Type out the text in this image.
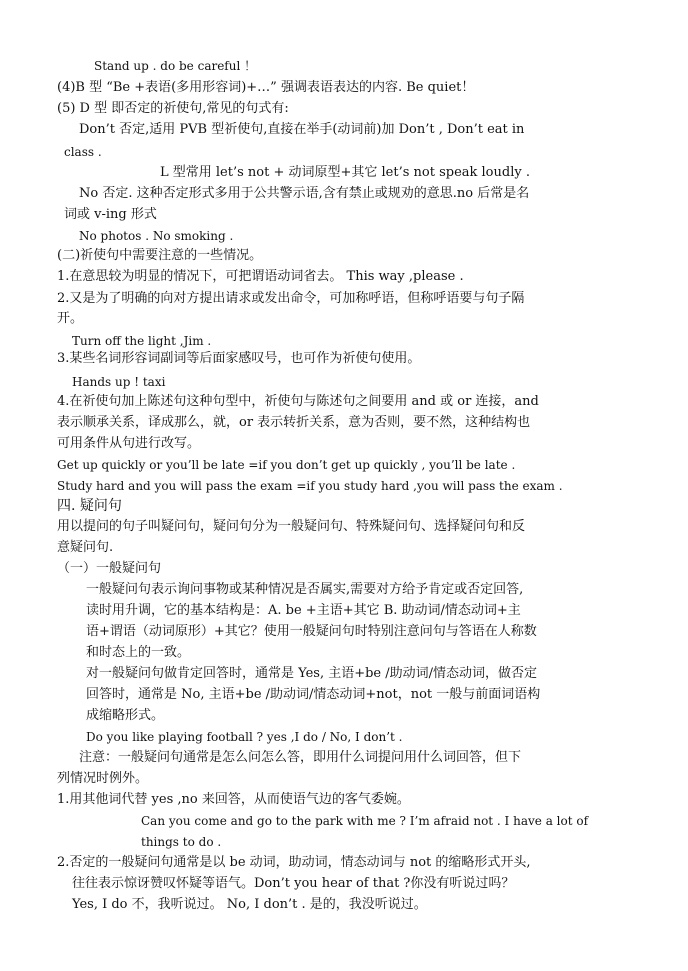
Stand up . do be careful ！
(4)B 型 “Be +表语(多用形容词)+…” 强调表语表达的内容. Be quiet！
(5) D 型 即否定的祈使句,常见的句式有:
Don’t 否定,适用 PVB 型祈使句,直接在举手(动词前)加 Don’t , Don’t eat in
class .
L 型常用 let’s not + 动词原型+其它 let’s not speak loudly .
No 否定. 这种否定形式多用于公共警示语,含有禁止或规劝的意思.no 后常是名
词或 v-ing 形式
No photos . No smoking .
(二)祈使句中需要注意的一些情况。
1.在意思较为明显的情况下，可把谓语动词省去。 This way ,please .
2.又是为了明确的向对方提出请求或发出命令，可加称呼语，但称呼语要与句子隔
开。
Turn off the light ,Jim .
3.某些名词形容词副词等后面家感叹号，也可作为祈使句使用。
Hands up ! taxi
4.在祈使句加上陈述句这种句型中，祈使句与陈述句之间要用 and 或 or 连接，and
表示顺承关系，译成那么，就，or 表示转折关系，意为否则，要不然，这种结构也
可用条件从句进行改写。
Get up quickly or you’ll be late =if you don’t get up quickly , you’ll be late .
Study hard and you will pass the exam =if you study hard ,you will pass the exam .
四. 疑问句
用以提问的句子叫疑问句，疑问句分为一般疑问句、特殊疑问句、选择疑问句和反
意疑问句.
（一）一般疑问句
一般疑问句表示询问事物或某种情况是否属实,需要对方给予肯定或否定回答,
读时用升调，它的基本结构是：A. be +主语+其它 B. 助动词/情态动词+主
语+谓语（动词原形）+其它？使用一般疑问句时特别注意问句与答语在人称数
和时态上的一致。
对一般疑问句做肯定回答时，通常是 Yes, 主语+be /助动词/情态动词，做否定
回答时，通常是 No, 主语+be /助动词/情态动词+not，not 一般与前面词语构
成缩略形式。
Do you like playing football ? yes ,I do / No, I don’t .
注意：一般疑问句通常是怎么问怎么答，即用什么词提问用什么词回答，但下
列情况时例外。
1.用其他词代替 yes ,no 来回答，从而使语气边的客气委婉。
Can you come and go to the park with me ? I’m afraid not . I have a lot of
things to do .
2.否定的一般疑问句通常是以 be 动词，助动词，情态动词与 not 的缩略形式开头,
往往表示惊讶赞叹怀疑等语气。Don’t you hear of that ?你没有听说过吗？
Yes, I do 不，我听说过。 No, I don’t . 是的，我没听说过。
